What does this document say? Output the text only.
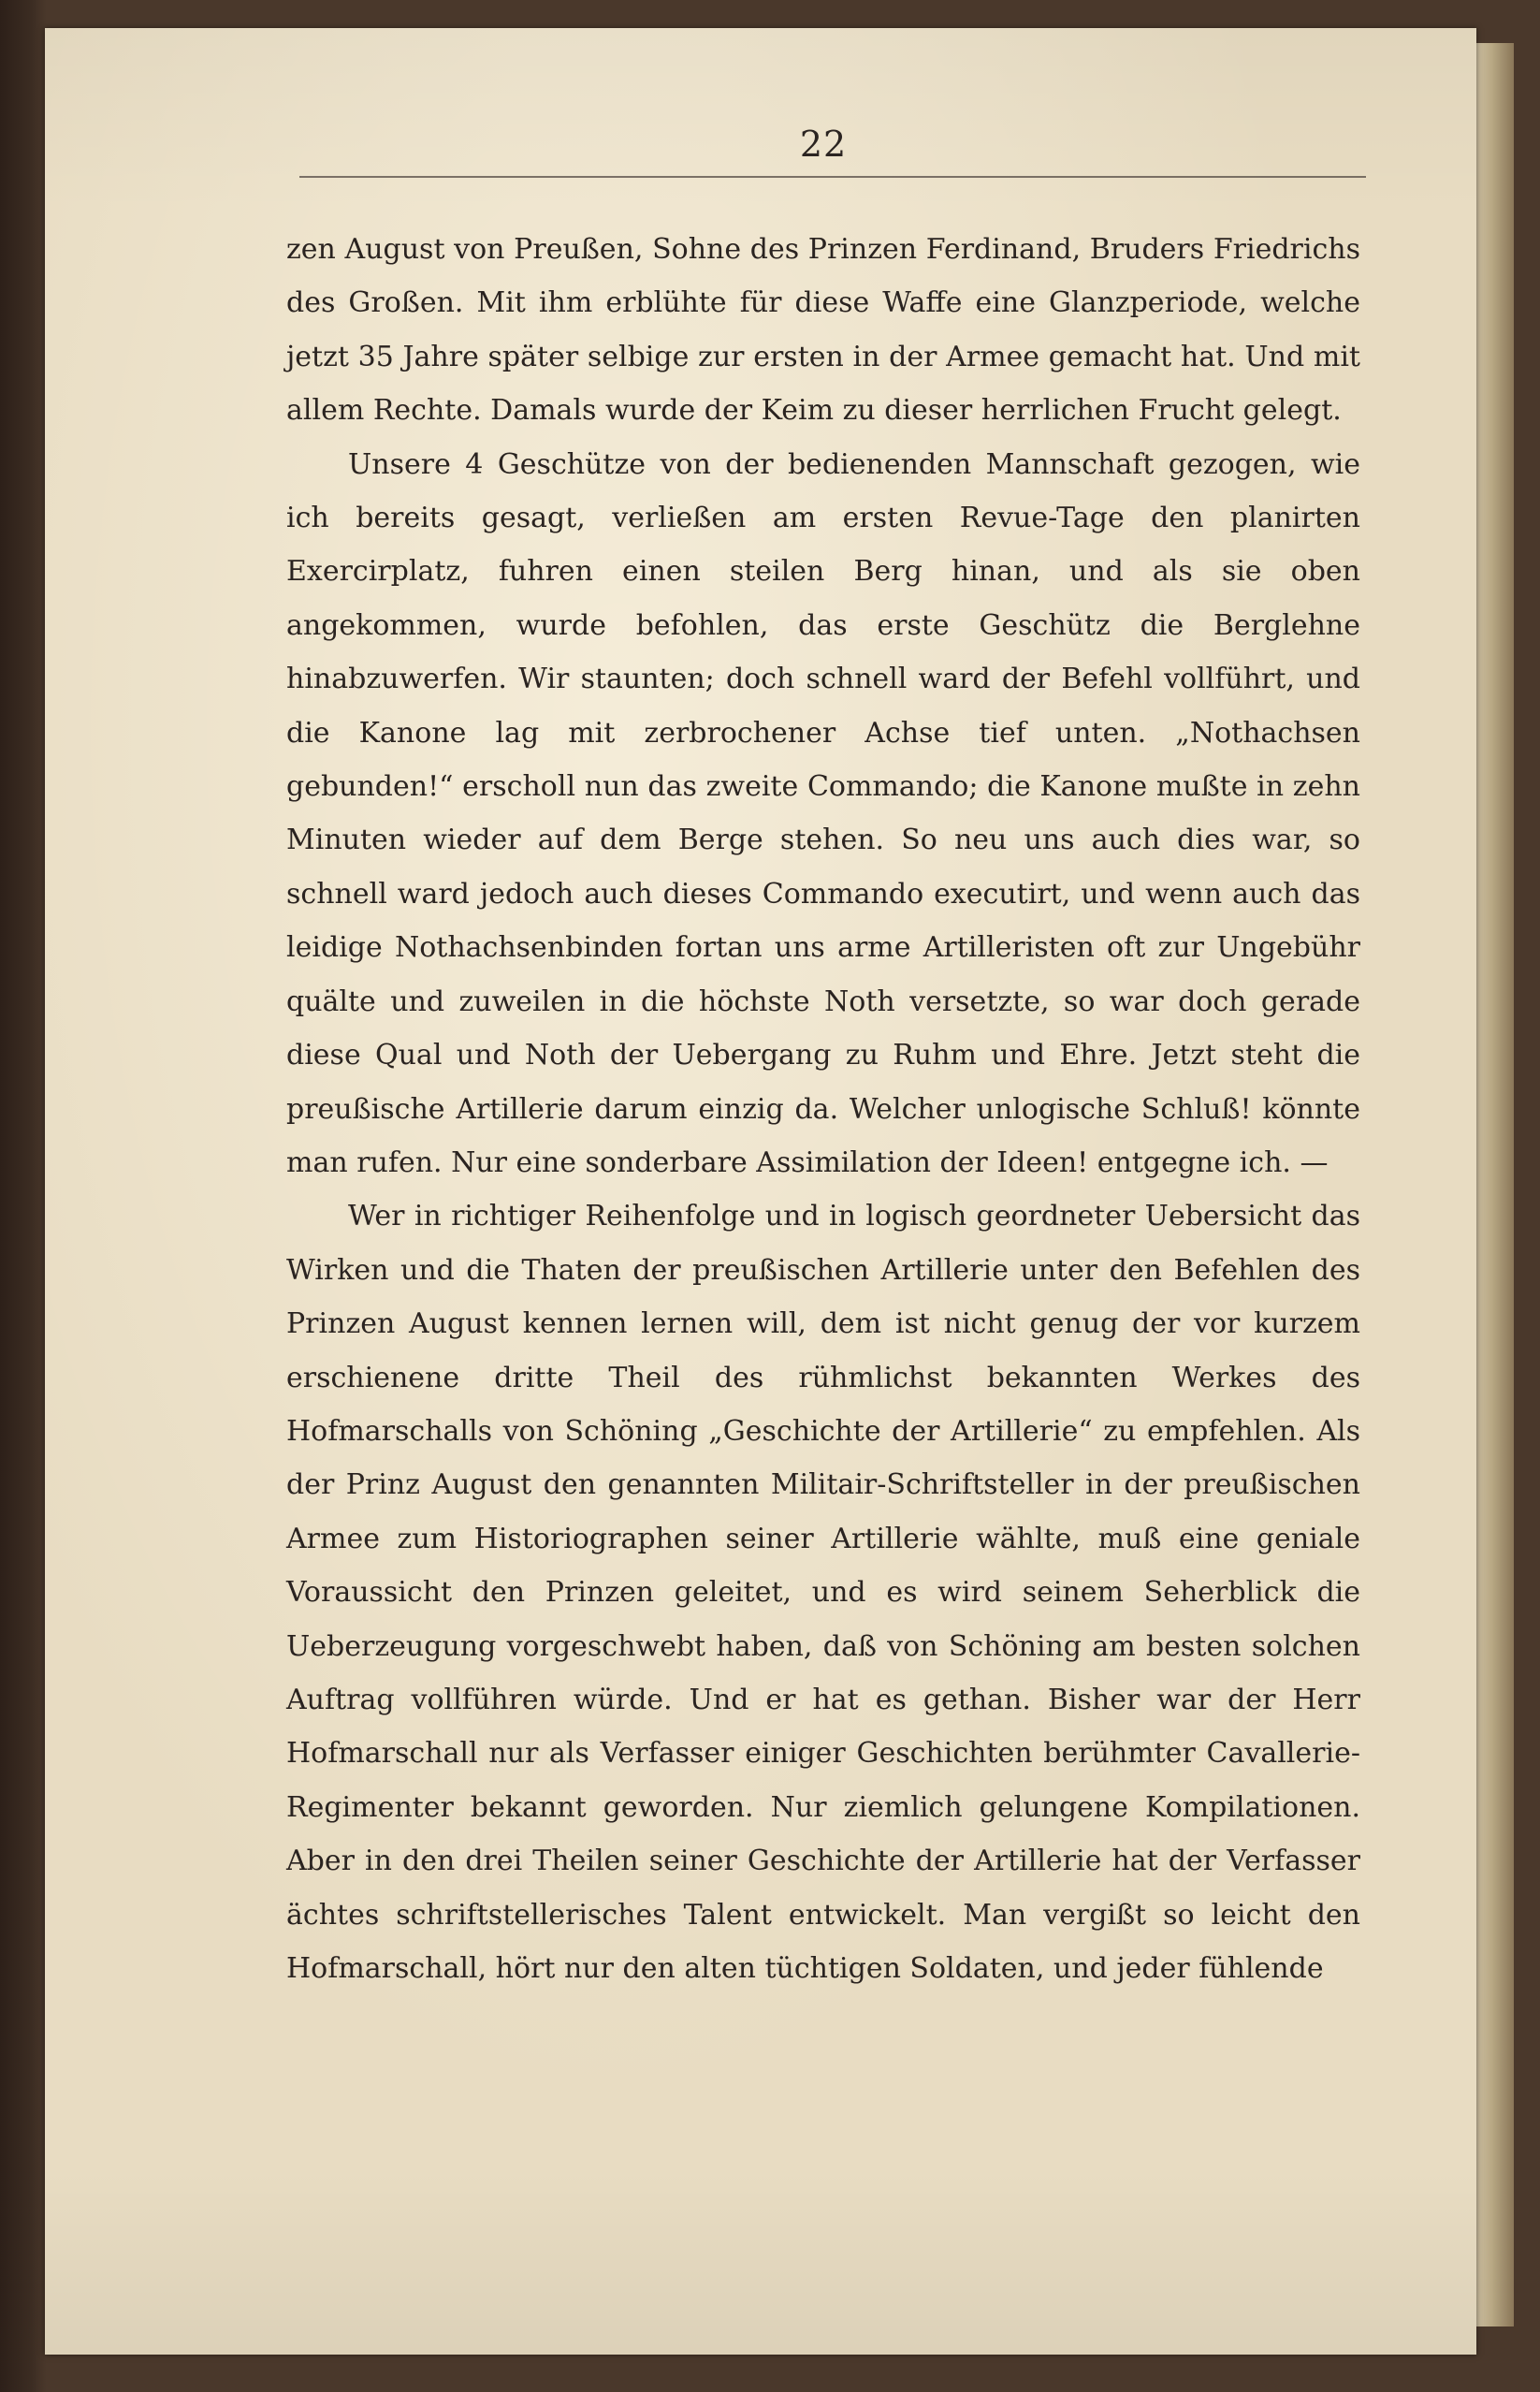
22

zen August von Preußen, Sohne des Prinzen Ferdinand, Bruders Friedrichs des Großen. Mit ihm erblühte für diese Waffe eine Glanzperiode, welche jetzt 35 Jahre später selbige zur ersten in der Armee gemacht hat. Und mit allem Rechte. Damals wurde der Keim zu dieser herrlichen Frucht gelegt.

Unsere 4 Geschütze von der bedienenden Mannschaft gezogen, wie ich bereits gesagt, verließen am ersten Revue-Tage den planirten Exercirplatz, fuhren einen steilen Berg hinan, und als sie oben angekommen, wurde befohlen, das erste Geschütz die Berglehne hinabzuwerfen. Wir staunten; doch schnell ward der Befehl vollführt, und die Kanone lag mit zerbrochener Achse tief unten. „Nothachsen gebunden!“ erscholl nun das zweite Commando; die Kanone mußte in zehn Minuten wieder auf dem Berge stehen. So neu uns auch dies war, so schnell ward jedoch auch dieses Commando executirt, und wenn auch das leidige Nothachsenbinden fortan uns arme Artilleristen oft zur Ungebühr quälte und zuweilen in die höchste Noth versetzte, so war doch gerade diese Qual und Noth der Uebergang zu Ruhm und Ehre. Jetzt steht die preußische Artillerie darum einzig da. Welcher unlogische Schluß! könnte man rufen. Nur eine sonderbare Assimilation der Ideen! entgegne ich. —

Wer in richtiger Reihenfolge und in logisch geordneter Uebersicht das Wirken und die Thaten der preußischen Artillerie unter den Befehlen des Prinzen August kennen lernen will, dem ist nicht genug der vor kurzem erschienene dritte Theil des rühmlichst bekannten Werkes des Hofmarschalls von Schöning „Geschichte der Artillerie“ zu empfehlen. Als der Prinz August den genannten Militair-Schriftsteller in der preußischen Armee zum Historiographen seiner Artillerie wählte, muß eine geniale Voraussicht den Prinzen geleitet, und es wird seinem Seherblick die Ueberzeugung vorgeschwebt haben, daß von Schöning am besten solchen Auftrag vollführen würde. Und er hat es gethan. Bisher war der Herr Hofmarschall nur als Verfasser einiger Geschichten berühmter Cavallerie-Regimenter bekannt geworden. Nur ziemlich gelungene Kompilationen. Aber in den drei Theilen seiner Geschichte der Artillerie hat der Verfasser ächtes schriftstellerisches Talent entwickelt. Man vergißt so leicht den Hofmarschall, hört nur den alten tüchtigen Soldaten, und jeder fühlende
